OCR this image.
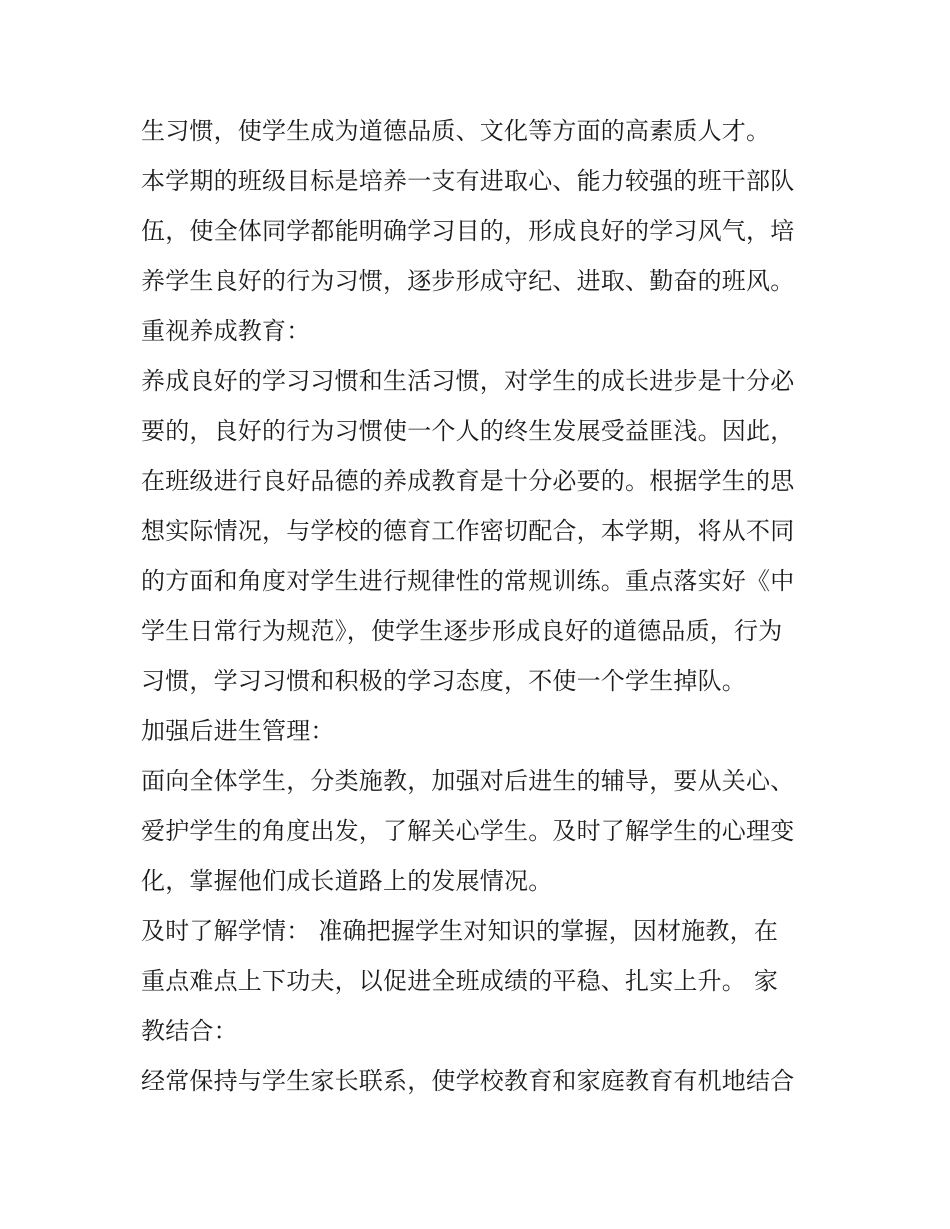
生习惯，使学生成为道德品质、文化等方面的高素质人才。
本学期的班级目标是培养一支有进取心、能力较强的班干部队
伍，使全体同学都能明确学习目的，形成良好的学习风气，培
养学生良好的行为习惯，逐步形成守纪、进取、勤奋的班风。
重视养成教育：
养成良好的学习习惯和生活习惯，对学生的成长进步是十分必
要的，良好的行为习惯使一个人的终生发展受益匪浅。因此，
在班级进行良好品德的养成教育是十分必要的。根据学生的思
想实际情况，与学校的德育工作密切配合，本学期，将从不同
的方面和角度对学生进行规律性的常规训练。重点落实好《中
学生日常行为规范》，使学生逐步形成良好的道德品质，行为
习惯，学习习惯和积极的学习态度，不使一个学生掉队。
加强后进生管理：
面向全体学生，分类施教，加强对后进生的辅导，要从关心、
爱护学生的角度出发，了解关心学生。及时了解学生的心理变
化，掌握他们成长道路上的发展情况。
及时了解学情： 准确把握学生对知识的掌握，因材施教，在
重点难点上下功夫，以促进全班成绩的平稳、扎实上升。 家
教结合：
经常保持与学生家长联系，使学校教育和家庭教育有机地结合
